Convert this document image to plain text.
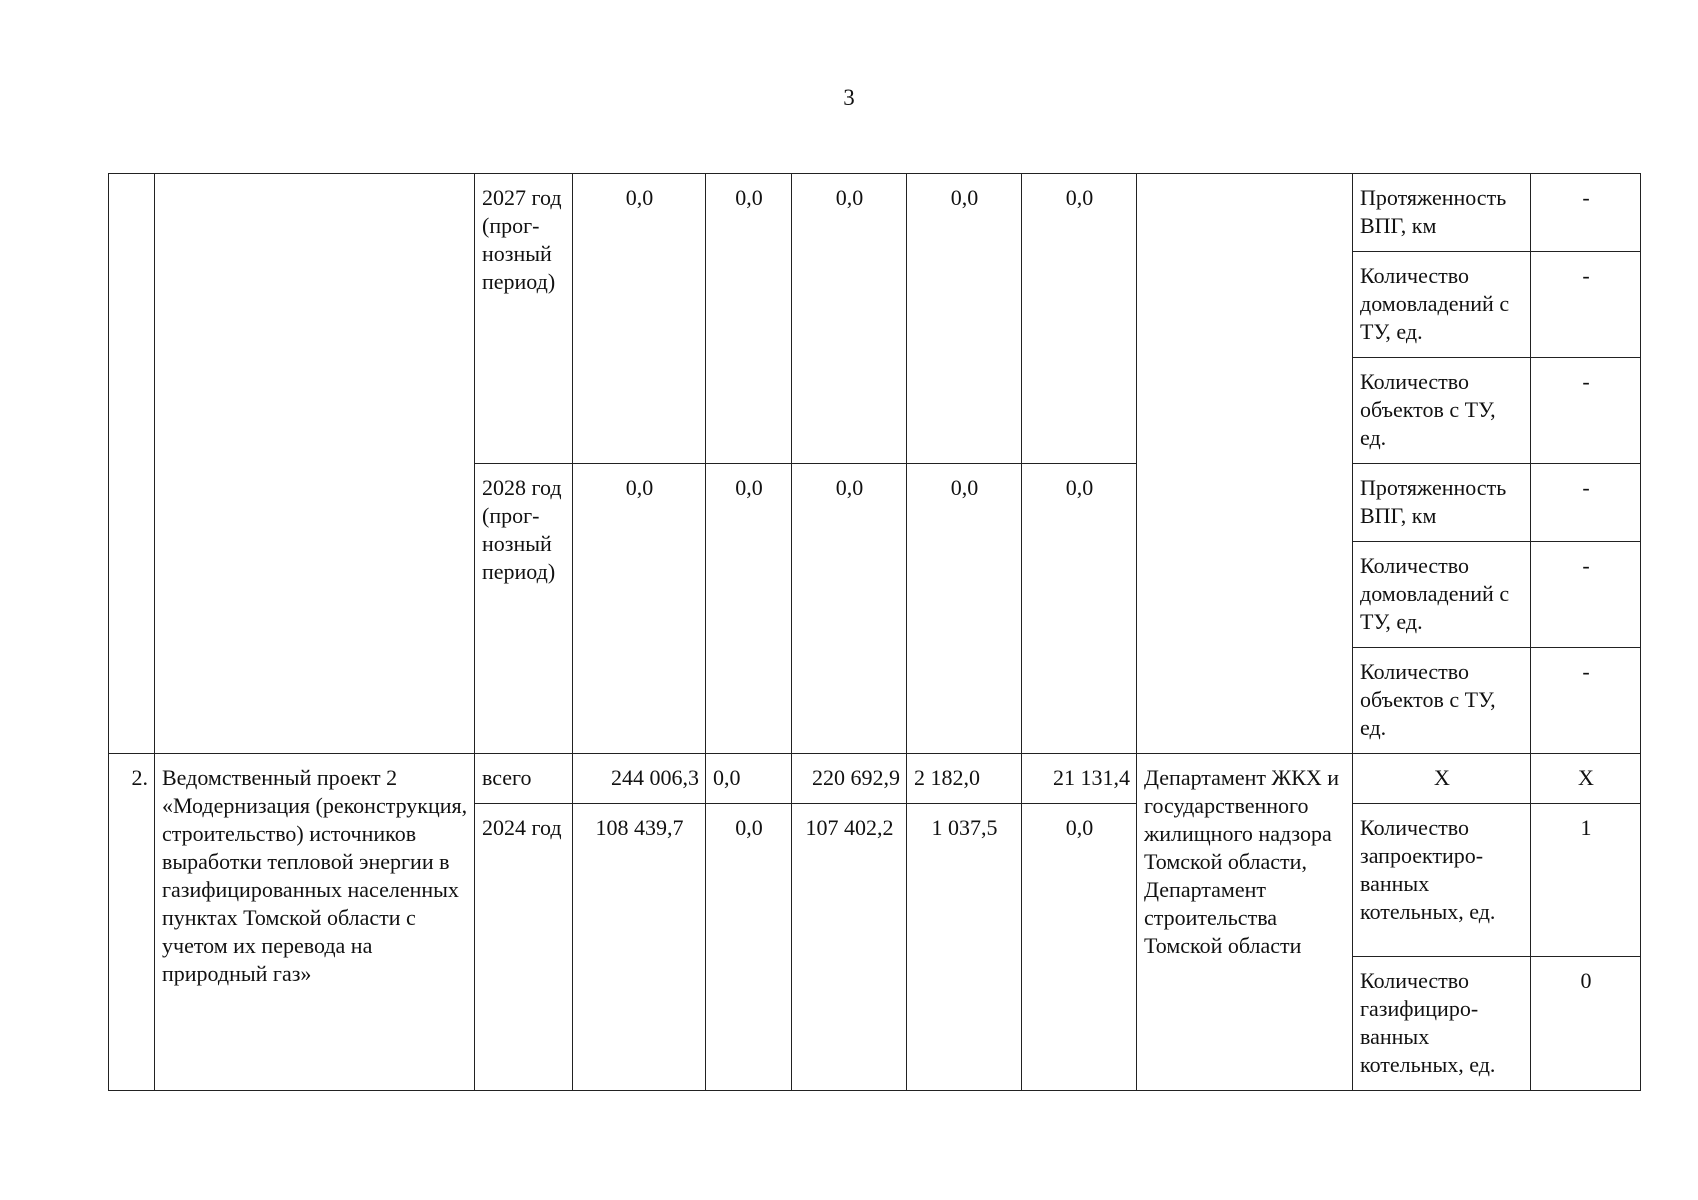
3
		2027 год (прог-нозный период)	0,0	0,0	0,0	0,0	0,0		Протяженность ВПГ, км	-
									Количество домовладений с ТУ, ед.	-
									Количество объектов с ТУ, ед.	-
		2028 год (прог-нозный период)	0,0	0,0	0,0	0,0	0,0		Протяженность ВПГ, км	-
									Количество домовладений с ТУ, ед.	-
									Количество объектов с ТУ, ед.	-
2.	Ведомственный проект 2 «Модернизация (реконструкция, строительство) источников выработки тепловой энергии в газифицированных населенных пунктах Томской области с учетом их перевода на природный газ»	всего	244 006,3	0,0	220 692,9	2 182,0	21 131,4	Департамент ЖКХ и государственного жилищного надзора Томской области, Департамент строительства Томской области	Х	Х
		2024 год	108 439,7	0,0	107 402,2	1 037,5	0,0		Количество запроектиро-ванных котельных, ед.	1
									Количество газифициро-ванных котельных, ед.	0
